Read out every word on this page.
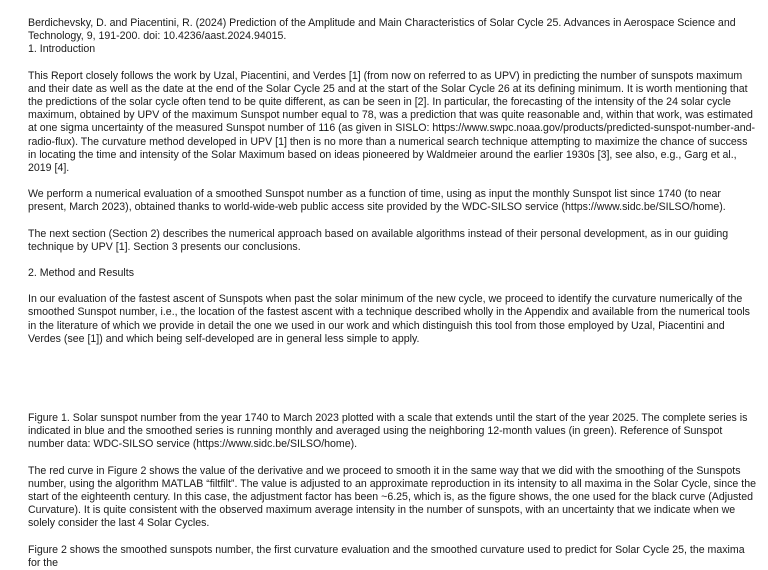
Berdichevsky, D. and Piacentini, R. (2024) Prediction of the Amplitude and Main Characteristics of Solar Cycle 25. Advances in Aerospace Science and Technology, 9, 191-200. doi: 10.4236/aast.2024.94015.

1. Introduction

This Report closely follows the work by Uzal, Piacentini, and Verdes [1] (from now on referred to as UPV) in predicting the number of sunspots maximum and their date as well as the date at the end of the Solar Cycle 25 and at the start of the Solar Cycle 26 at its defining minimum. It is worth mentioning that the predictions of the solar cycle often tend to be quite different, as can be seen in [2]. In particular, the forecasting of the intensity of the 24 solar cycle maximum, obtained by UPV of the maximum Sunspot number equal to 78, was a prediction that was quite reasonable and, within that work, was estimated at one sigma uncertainty of the measured Sunspot number of 116 (as given in SISLO: https://www.swpc.noaa.gov/products/predicted-sunspot-number-and-radio-flux). The curvature method developed in UPV [1] then is no more than a numerical search technique attempting to maximize the chance of success in locating the time and intensity of the Solar Maximum based on ideas pioneered by Waldmeier around the earlier 1930s [3], see also, e.g., Garg et al., 2019 [4].

We perform a numerical evaluation of a smoothed Sunspot number as a function of time, using as input the monthly Sunspot list since 1740 (to near present, March 2023), obtained thanks to world-wide-web public access site provided by the WDC-SILSO service (https://www.sidc.be/SILSO/home).

The next section (Section 2) describes the numerical approach based on available algorithms instead of their personal development, as in our guiding technique by UPV [1]. Section 3 presents our conclusions.

2. Method and Results

In our evaluation of the fastest ascent of Sunspots when past the solar minimum of the new cycle, we proceed to identify the curvature numerically of the smoothed Sunspot number, i.e., the location of the fastest ascent with a technique described wholly in the Appendix and available from the numerical tools in the literature of which we provide in detail the one we used in our work and which distinguish this tool from those employed by Uzal, Piacentini and Verdes (see [1]) and which being self-developed are in general less simple to apply.

Figure 1. Solar sunspot number from the year 1740 to March 2023 plotted with a scale that extends until the start of the year 2025. The complete series is indicated in blue and the smoothed series is running monthly and averaged using the neighboring 12-month values (in green). Reference of Sunspot number data: WDC-SILSO service (https://www.sidc.be/SILSO/home).

The red curve in Figure 2 shows the value of the derivative and we proceed to smooth it in the same way that we did with the smoothing of the Sunspots number, using the algorithm MATLAB “filtfilt”. The value is adjusted to an approximate reproduction in its intensity to all maxima in the Solar Cycle, since the start of the eighteenth century. In this case, the adjustment factor has been ~6.25, which is, as the figure shows, the one used for the black curve (Adjusted Curvature). It is quite consistent with the observed maximum average intensity in the number of sunspots, with an uncertainty that we indicate when we solely consider the last 4 Solar Cycles.

Figure 2 shows the smoothed sunspots number, the first curvature evaluation and the smoothed curvature used to predict for Solar Cycle 25, the maxima for the
